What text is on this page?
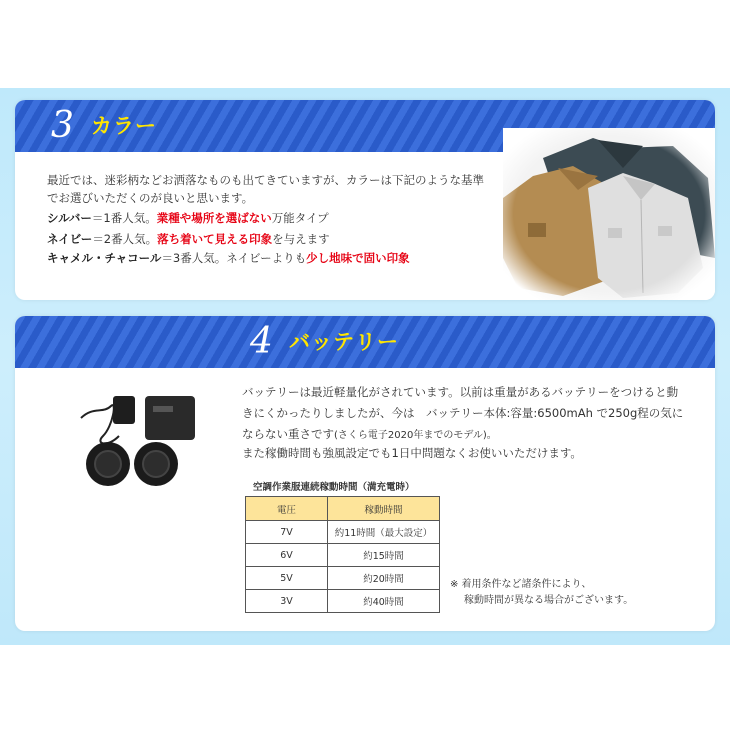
3 カラー
最近では、迷彩柄などお洒落なものも出てきていますが、カラーは下記のような基準
でお選びいただくのが良いと思います。
シルバー＝1番人気。業種や場所を選ばない万能タイプ
ネイビー＝2番人気。落ち着いて見える印象を与えます
キャメル・チャコール＝3番人気。ネイビーよりも少し地味で固い印象
4 バッテリー
バッテリーは最近軽量化がされています。以前は重量があるバッテリーをつけると動
きにくかったりしましたが、今は　バッテリー本体:容量:6500mAh で250g程の気に
ならない重さです(さくら電子2020年までのモデル)。
また稼働時間も強風設定でも1日中問題なくお使いいただけます。
空調作業服連続稼動時間（満充電時）
電圧	稼動時間
7V	約11時間（最大設定）
6V	約15時間
5V	約20時間
3V	約40時間
※ 着用条件など諸条件により、
稼動時間が異なる場合がございます。
